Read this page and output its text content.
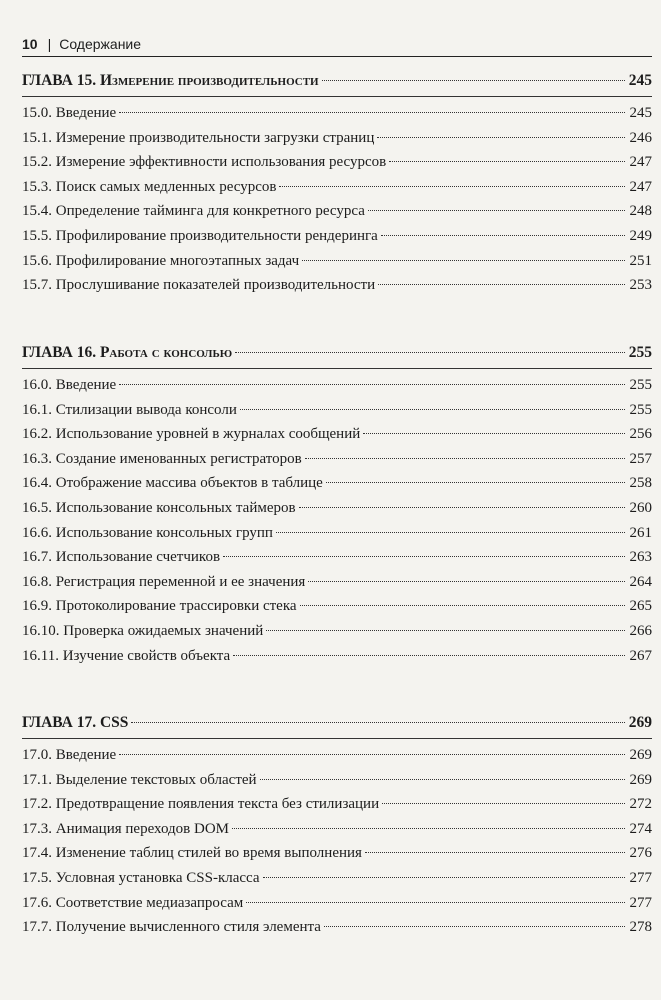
10 | Содержание
ГЛАВА 15. Измерение производительности	245
15.0. Введение	245
15.1. Измерение производительности загрузки страниц	246
15.2. Измерение эффективности использования ресурсов	247
15.3. Поиск самых медленных ресурсов	247
15.4. Определение тайминга для конкретного ресурса	248
15.5. Профилирование производительности рендеринга	249
15.6. Профилирование многоэтапных задач	251
15.7. Прослушивание показателей производительности	253
ГЛАВА 16. Работа с консолью	255
16.0. Введение	255
16.1. Стилизации вывода консоли	255
16.2. Использование уровней в журналах сообщений	256
16.3. Создание именованных регистраторов	257
16.4. Отображение массива объектов в таблице	258
16.5. Использование консольных таймеров	260
16.6. Использование консольных групп	261
16.7. Использование счетчиков	263
16.8. Регистрация переменной и ее значения	264
16.9. Протоколирование трассировки стека	265
16.10. Проверка ожидаемых значений	266
16.11. Изучение свойств объекта	267
ГЛАВА 17. CSS	269
17.0. Введение	269
17.1. Выделение текстовых областей	269
17.2. Предотвращение появления текста без стилизации	272
17.3. Анимация переходов DOM	274
17.4. Изменение таблиц стилей во время выполнения	276
17.5. Условная установка CSS-класса	277
17.6. Соответствие медиазапросам	277
17.7. Получение вычисленного стиля элемента	278
